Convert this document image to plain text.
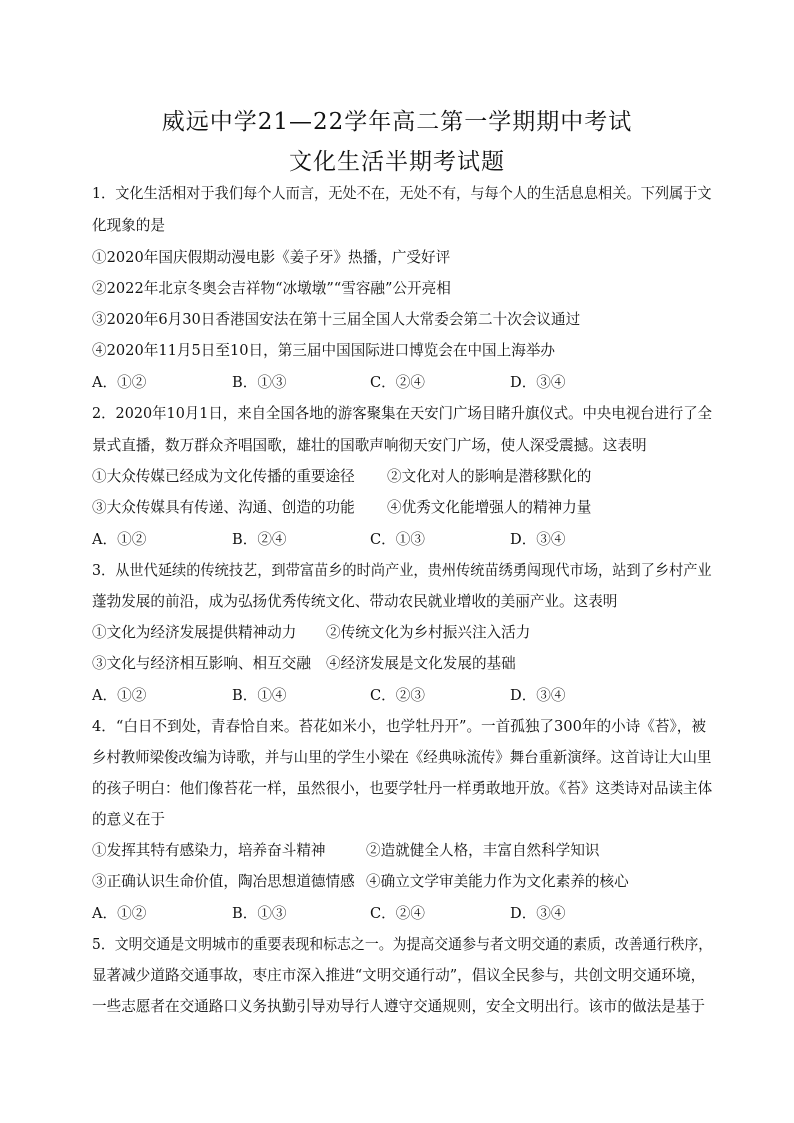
威远中学21—22学年高二第一学期期中考试
文化生活半期考试题
1．文化生活相对于我们每个人而言，无处不在，无处不有，与每个人的生活息息相关。下列属于文
化现象的是
①2020年国庆假期动漫电影《姜子牙》热播，广受好评
②2022年北京冬奥会吉祥物“冰墩墩”“雪容融”公开亮相
③2020年6月30日香港国安法在第十三届全国人大常委会第二十次会议通过
④2020年11月5日至10日，第三届中国国际进口博览会在中国上海举办
A．①②	B．①③	C．②④	D．③④
2．2020年10月1日，来自全国各地的游客聚集在天安门广场目睹升旗仪式。中央电视台进行了全
景式直播，数万群众齐唱国歌，雄壮的国歌声响彻天安门广场，使人深受震撼。这表明
①大众传媒已经成为文化传播的重要途径 ②文化对人的影响是潜移默化的
③大众传媒具有传递、沟通、创造的功能 ④优秀文化能增强人的精神力量
A．①②	B．②④	C．①③	D．③④
3．从世代延续的传统技艺，到带富苗乡的时尚产业，贵州传统苗绣勇闯现代市场，站到了乡村产业
蓬勃发展的前沿，成为弘扬优秀传统文化、带动农民就业增收的美丽产业。这表明
①文化为经济发展提供精神动力 ②传统文化为乡村振兴注入活力
③文化与经济相互影响、相互交融 ④经济发展是文化发展的基础
A．①②	B．①④	C．②③	D．③④
4．“白日不到处，青春恰自来。苔花如米小，也学牡丹开”。一首孤独了300年的小诗《苔》，被
乡村教师梁俊改编为诗歌，并与山里的学生小梁在《经典咏流传》舞台重新演绎。这首诗让大山里
的孩子明白：他们像苔花一样，虽然很小，也要学牡丹一样勇敢地开放。《苔》这类诗对品读主体
的意义在于
①发挥其特有感染力，培养奋斗精神	②造就健全人格，丰富自然科学知识
③正确认识生命价值，陶冶思想道德情感 ④确立文学审美能力作为文化素养的核心
A．①②	B．①③	C．②④	D．③④
5．文明交通是文明城市的重要表现和标志之一。为提高交通参与者文明交通的素质，改善通行秩序，
显著减少道路交通事故，枣庄市深入推进“文明交通行动”，倡议全民参与，共创文明交通环境，
一些志愿者在交通路口义务执勤引导劝导行人遵守交通规则，安全文明出行。该市的做法是基于
